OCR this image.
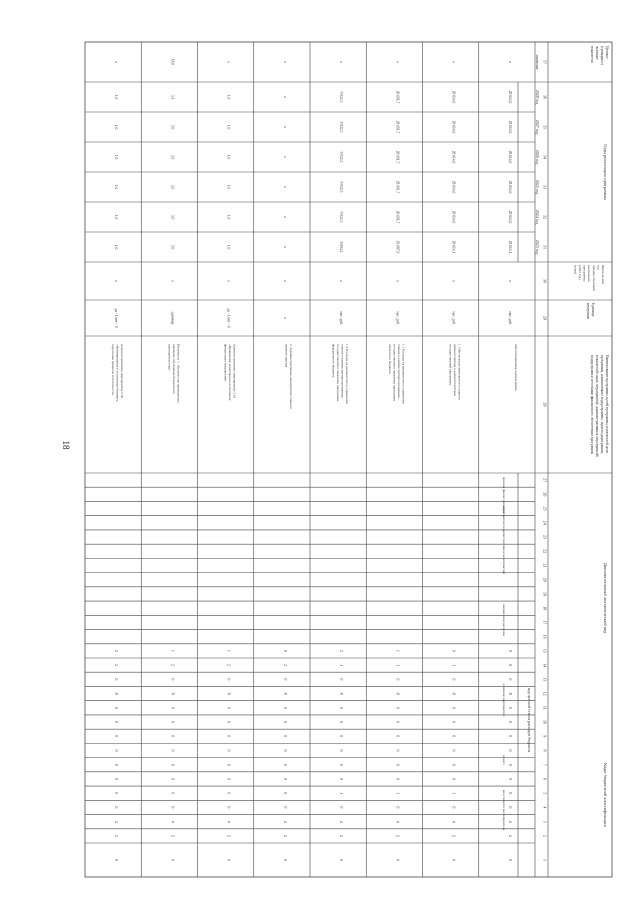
18
1
2
3
4
5
6
7
8
9
10
11
12
13
14
15
16
17
18
19
20
21
22
23
24
25
26
27
28
29
30
31
32
33
34
35
36
37
Коды бюджетной классификации
Дополнительный аналитический код
код целевой статьи расходов бюджета
Наименование программы, целей программы, показателей цели
программы, наименование подпрограммы, задач подпрограммы,
показателей задач, мероприятий, административных мероприятий
подпрограмм и источники финансового обеспечения программы
Единица
измерения
Фактический
год
предшествующий
реализации
программы
(2022 год)
(план)
Годы реализации программы
2023 год
2024 год
2025 год
2026 год
2027 год
2028 год
Целевое
(суммарное)
значение
показателя
значение
код главного распорядителя
раздел
основное мероприятие
направление расходов
мероприятие (административное мероприятие)
признак финансирования
0
2
4
0
0
0
0
0
0
0
0
8
0
0
0
Обеспечивающая подпрограмма
тыс. руб.
х
28 614,1
28 614,0
28 614,0
28 614,0
28 614,0
28 614,0
х
0
2
4
0
1
0
0
0
0
0
0
8
0
1
0
1. Обеспечение деятельности главного
администратора и администраторов
государственной программы
тыс. руб.
х
28 614,1
28 614,0
28 614,0
28 614,0
28 614,0
28 614,0
х
0
2
4
0
1
0
0
0
0
0
0
8
0
1
1
1.1 Расходы на руководство и управление
главного администратора программы -
государственного заказчика программы
областного бюджета
тыс. руб.
х
29 087,9
28 091,7
28 091,7
28 091,7
28 091,7
28 091,7
х
0
2
4
0
1
0
0
0
0
0
0
8
0
1
2
1.2 Расходы на руководство и управление
главного администратора программы -
государственного заказчика программы
федерального бюджета
тыс. руб.
х
8 694,2
9 922,3
9 922,3
9 922,3
9 922,3
9 922,3
х
0
2
4
0
0
0
0
0
0
0
0
8
0
2
0
2. Административные мероприятия главного
администратора
х
х
х
х
х
х
х
х
х
0
2
4
0
0
0
0
0
0
0
0
8
0
2
1
Административное мероприятие 2.01
«Проведение мониторинга исполнения
финансовых показателей»
да - 1/нет - 0
х
1,0
1,0
1,0
1,0
1,0
1,0
х
0
2
4
0
0
0
0
0
0
0
0
8
0
2
1
Показатель 1. «Количество проведенных
проверок соблюдения бюджетного
законодательства»
единица
х
3,0
3,0
3,0
3,0
3,0
3,4
18,0
0
2
4
0
0
0
0
0
0
0
0
8
0
2
2
Административное мероприятие 2.02
«Формирование и исполнение бюджета,
подготовка проектов и отчетности»
да - 1/нет - 0
х
1,0
1,0
1,0
1,0
1,0
1,0
х
